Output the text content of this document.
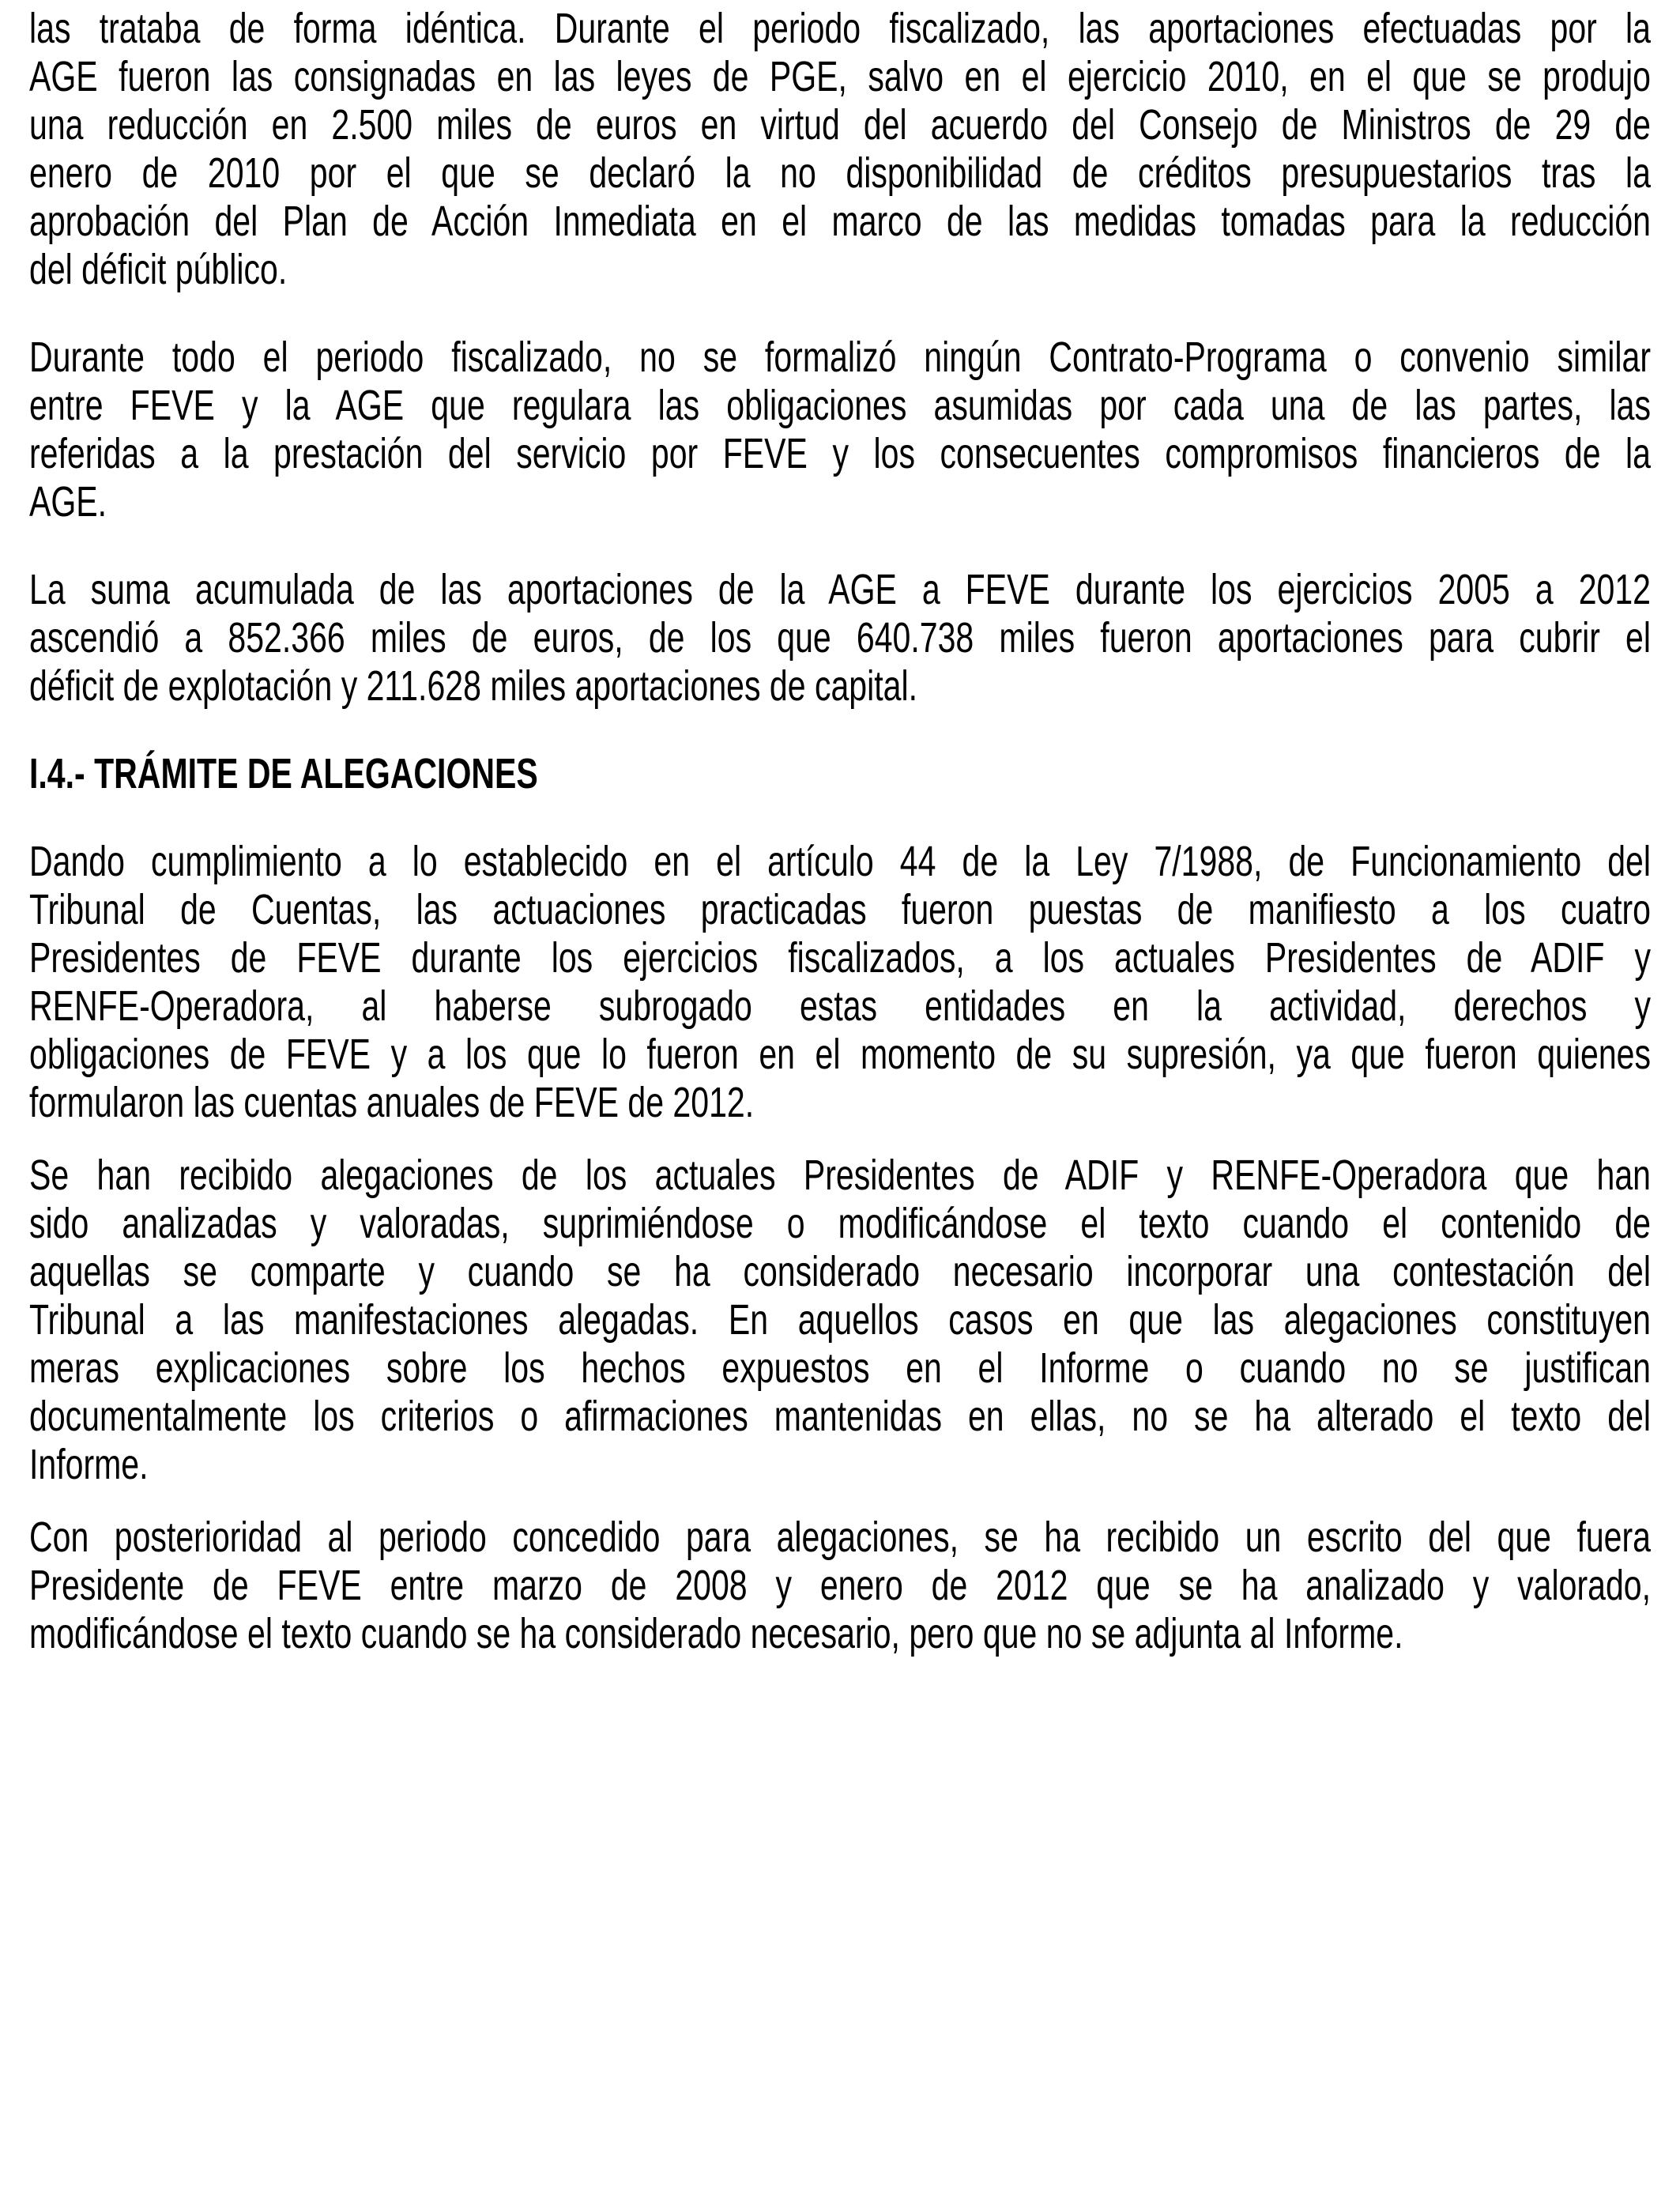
las trataba de forma idéntica. Durante el periodo fiscalizado, las aportaciones efectuadas por la
AGE fueron las consignadas en las leyes de PGE, salvo en el ejercicio 2010, en el que se produjo
una reducción en 2.500 miles de euros en virtud del acuerdo del Consejo de Ministros de 29 de
enero de 2010 por el que se declaró la no disponibilidad de créditos presupuestarios tras la
aprobación del Plan de Acción Inmediata en el marco de las medidas tomadas para la reducción
del déficit público.
Durante todo el periodo fiscalizado, no se formalizó ningún Contrato-Programa o convenio similar
entre FEVE y la AGE que regulara las obligaciones asumidas por cada una de las partes, las
referidas a la prestación del servicio por FEVE y los consecuentes compromisos financieros de la
AGE.
La suma acumulada de las aportaciones de la AGE a FEVE durante los ejercicios 2005 a 2012
ascendió a 852.366 miles de euros, de los que 640.738 miles fueron aportaciones para cubrir el
déficit de explotación y 211.628 miles aportaciones de capital.
I.4.- TRÁMITE DE ALEGACIONES
Dando cumplimiento a lo establecido en el artículo 44 de la Ley 7/1988, de Funcionamiento del
Tribunal de Cuentas, las actuaciones practicadas fueron puestas de manifiesto a los cuatro
Presidentes de FEVE durante los ejercicios fiscalizados, a los actuales Presidentes de ADIF y
RENFE-Operadora, al haberse subrogado estas entidades en la actividad, derechos y
obligaciones de FEVE y a los que lo fueron en el momento de su supresión, ya que fueron quienes
formularon las cuentas anuales de FEVE de 2012.
Se han recibido alegaciones de los actuales Presidentes de ADIF y RENFE-Operadora que han
sido analizadas y valoradas, suprimiéndose o modificándose el texto cuando el contenido de
aquellas se comparte y cuando se ha considerado necesario incorporar una contestación del
Tribunal a las manifestaciones alegadas. En aquellos casos en que las alegaciones constituyen
meras explicaciones sobre los hechos expuestos en el Informe o cuando no se justifican
documentalmente los criterios o afirmaciones mantenidas en ellas, no se ha alterado el texto del
Informe.
Con posterioridad al periodo concedido para alegaciones, se ha recibido un escrito del que fuera
Presidente de FEVE entre marzo de 2008 y enero de 2012 que se ha analizado y valorado,
modificándose el texto cuando se ha considerado necesario, pero que no se adjunta al Informe.
